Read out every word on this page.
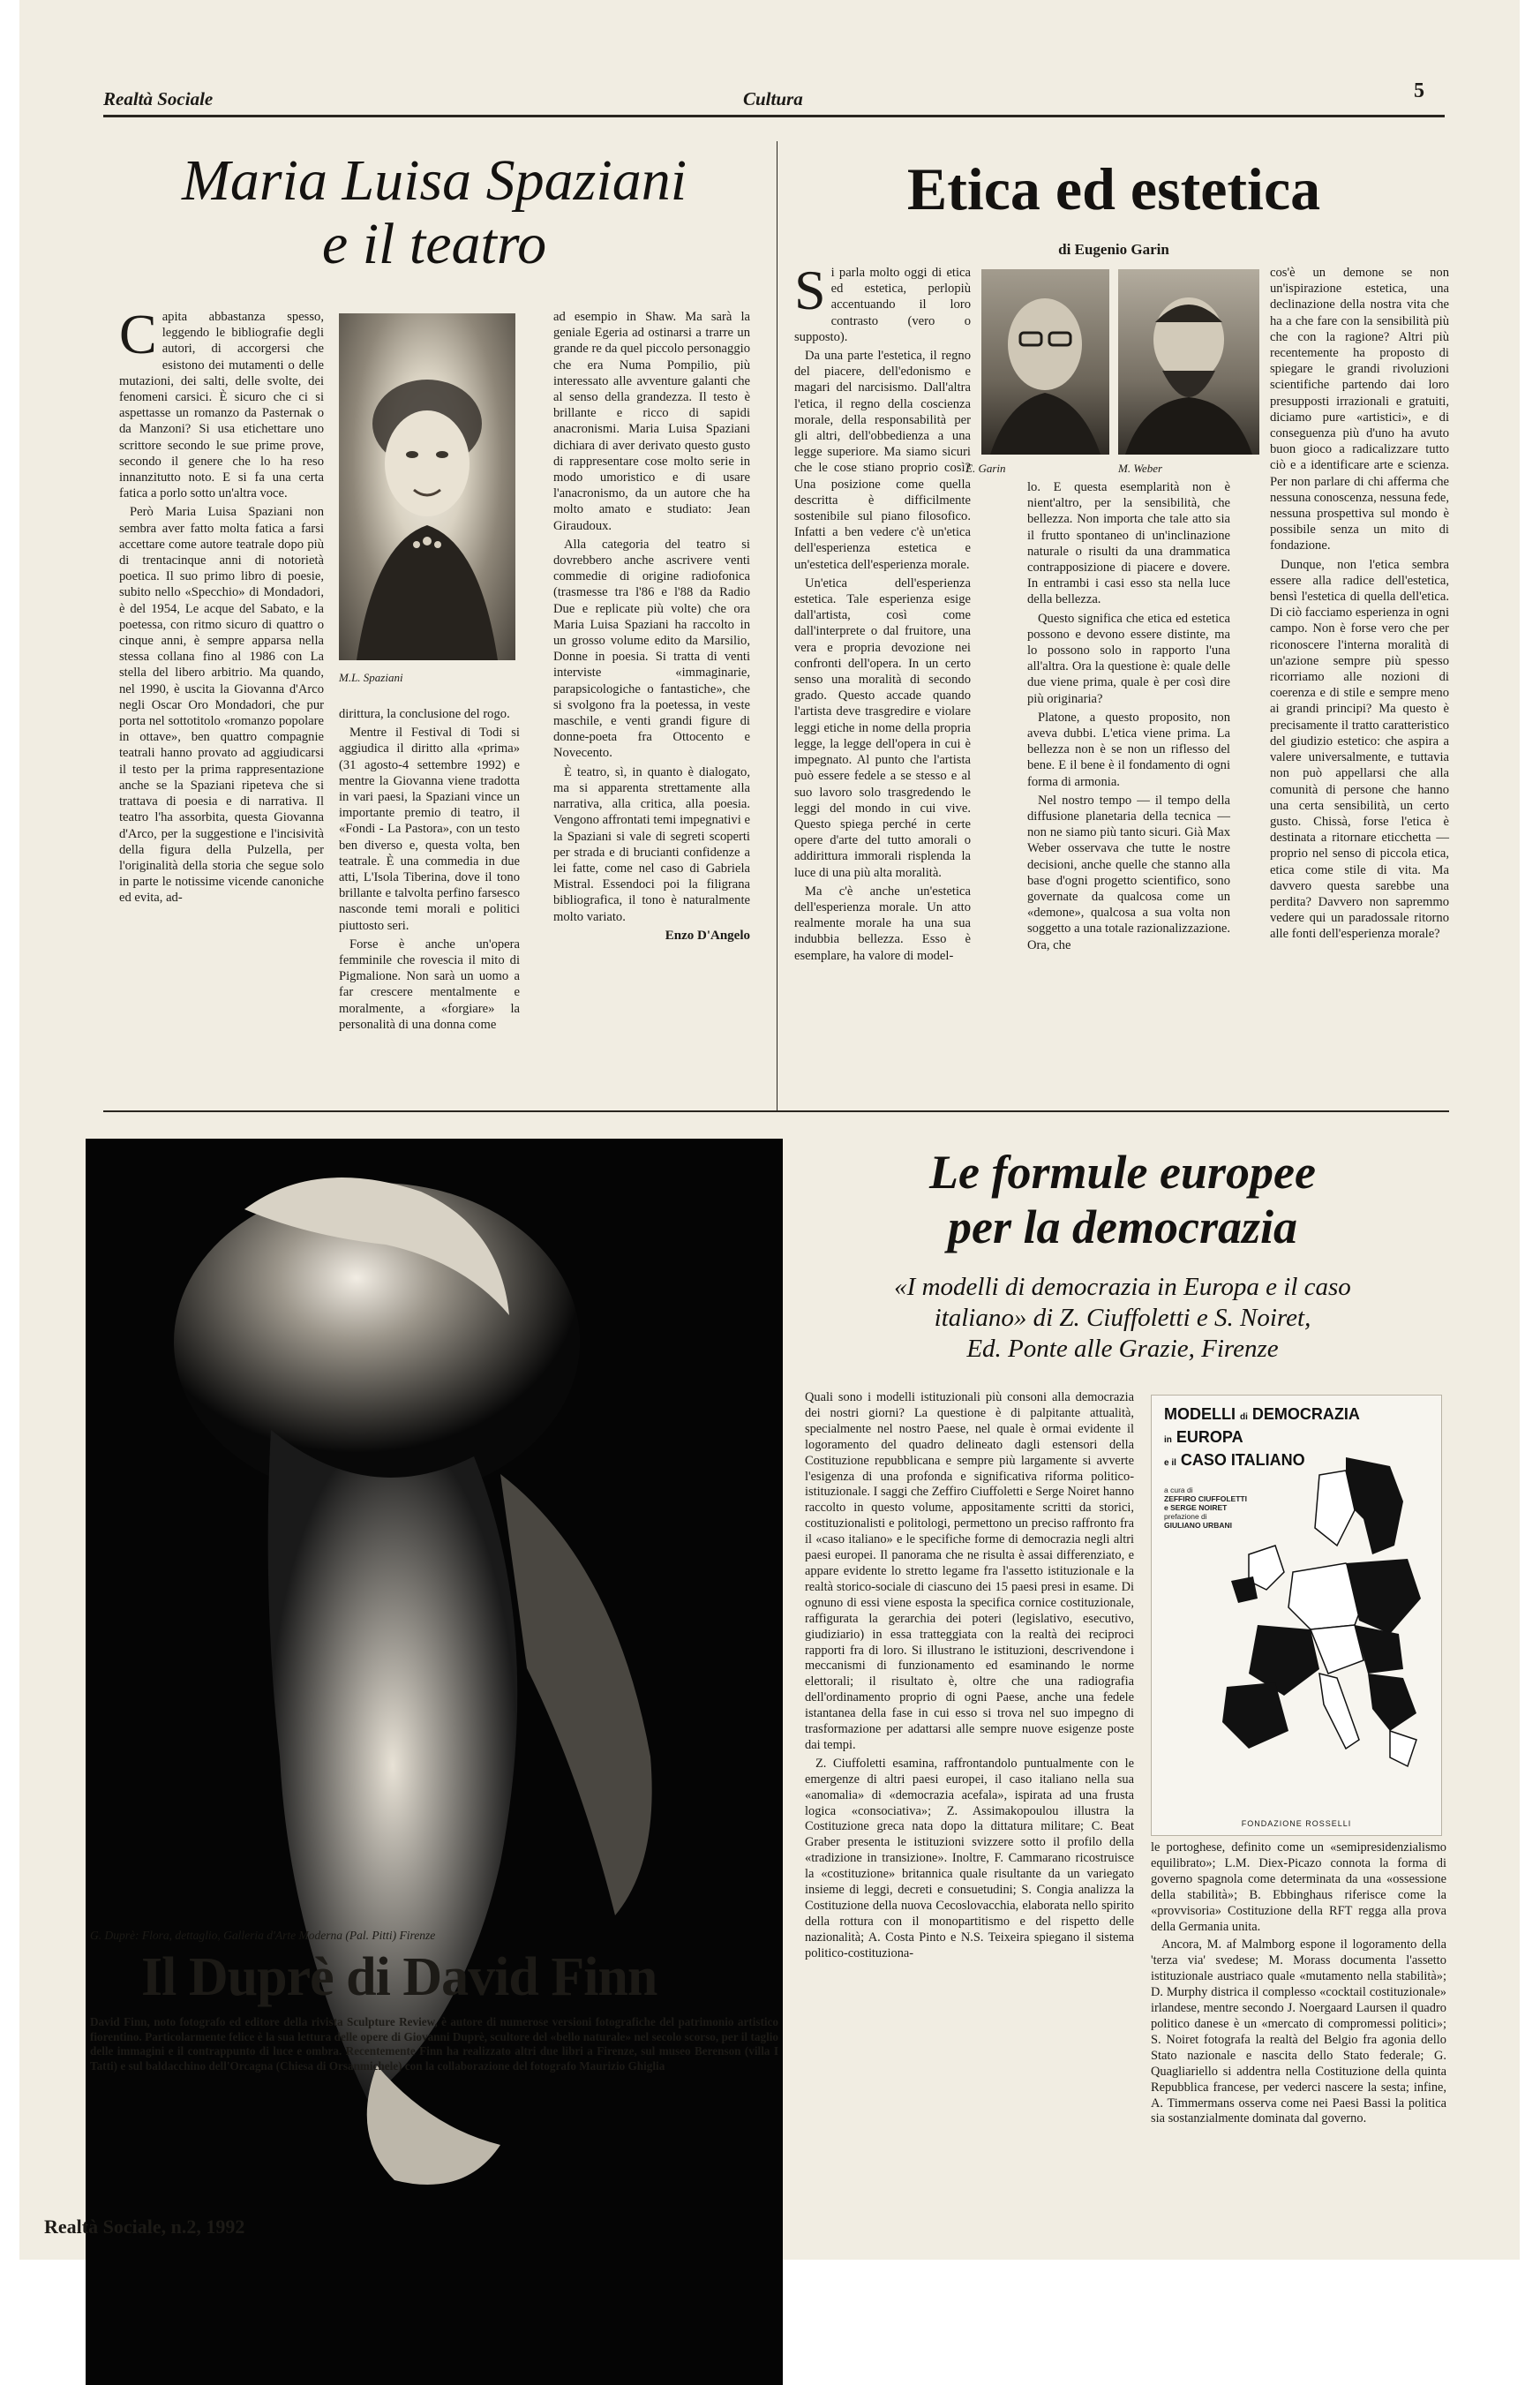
Realtà Sociale	Cultura	5
Maria Luisa Spaziani
e il teatro

Capita abbastanza spesso, leggendo le bibliografie degli autori, di accorgersi che esistono dei mutamenti o delle mutazioni, dei salti, delle svolte, dei fenomeni carsici. È sicuro che ci si aspettasse un romanzo da Pasternak o da Manzoni? Si usa etichettare uno scrittore secondo le sue prime prove, secondo il genere che lo ha reso innanzitutto noto. E si fa una certa fatica a porlo sotto un'altra voce.

Però Maria Luisa Spaziani non sembra aver fatto molta fatica a farsi accettare come autore teatrale dopo più di trentacinque anni di notorietà poetica. Il suo primo libro di poesie, subito nello «Specchio» di Mondadori, è del 1954, Le acque del Sabato, e la poetessa, con ritmo sicuro di quattro o cinque anni, è sempre apparsa nella stessa collana fino al 1986 con La stella del libero arbitrio. Ma quando, nel 1990, è uscita la Giovanna d'Arco negli Oscar Oro Mondadori, che pur porta nel sottotitolo «romanzo popolare in ottave», ben quattro compagnie teatrali hanno provato ad aggiudicarsi il testo per la prima rappresentazione anche se la Spaziani ripeteva che si trattava di poesia e di narrativa. Il teatro l'ha assorbita, questa Giovanna d'Arco, per la suggestione e l'incisività della figura della Pulzella, per l'originalità della storia che segue solo in parte le notissime vicende canoniche ed evita, ad-

M.L. Spaziani

dirittura, la conclusione del rogo.

Mentre il Festival di Todi si aggiudica il diritto alla «prima» (31 agosto-4 settembre 1992) e mentre la Giovanna viene tradotta in vari paesi, la Spaziani vince un importante premio di teatro, il «Fondi - La Pastora», con un testo ben diverso e, questa volta, ben teatrale. È una commedia in due atti, L'Isola Tiberina, dove il tono brillante e talvolta perfino farsesco nasconde temi morali e politici piuttosto seri.

Forse è anche un'opera femminile che rovescia il mito di Pigmalione. Non sarà un uomo a far crescere mentalmente e moralmente, a «forgiare» la personalità di una donna come

ad esempio in Shaw. Ma sarà la geniale Egeria ad ostinarsi a trarre un grande re da quel piccolo personaggio che era Numa Pompilio, più interessato alle avventure galanti che al senso della grandezza. Il testo è brillante e ricco di sapidi anacronismi. Maria Luisa Spaziani dichiara di aver derivato questo gusto di rappresentare cose molto serie in modo umoristico e di usare l'anacronismo, da un autore che ha molto amato e studiato: Jean Giraudoux.

Alla categoria del teatro si dovrebbero anche ascrivere venti commedie di origine radiofonica (trasmesse tra l'86 e l'88 da Radio Due e replicate più volte) che ora Maria Luisa Spaziani ha raccolto in un grosso volume edito da Marsilio, Donne in poesia. Si tratta di venti interviste «immaginarie, parapsicologiche o fantastiche», che si svolgono fra la poetessa, in veste maschile, e venti grandi figure di donne-poeta fra Ottocento e Novecento.

È teatro, sì, in quanto è dialogato, ma si apparenta strettamente alla narrativa, alla critica, alla poesia. Vengono affrontati temi impegnativi e la Spaziani si vale di segreti scoperti per strada e di brucianti confidenze a lei fatte, come nel caso di Gabriela Mistral. Essendoci poi la filigrana bibliografica, il tono è naturalmente molto variato.

Enzo D'Angelo
Etica ed estetica
di Eugenio Garin

Si parla molto oggi di etica ed estetica, perlopiù accentuando il loro contrasto (vero o supposto).

Da una parte l'estetica, il regno del piacere, dell'edonismo e magari del narcisismo. Dall'altra l'etica, il regno della coscienza morale, della responsabilità per gli altri, dell'obbedienza a una legge superiore. Ma siamo sicuri che le cose stiano proprio così? Una posizione come quella descritta è difficilmente sostenibile sul piano filosofico. Infatti a ben vedere c'è un'etica dell'esperienza estetica e un'estetica dell'esperienza morale.

Un'etica dell'esperienza estetica. Tale esperienza esige dall'artista, così come dall'interprete o dal fruitore, una vera e propria devozione nei confronti dell'opera. In un certo senso una moralità di secondo grado. Questo accade quando l'artista deve trasgredire e violare leggi etiche in nome della propria legge, la legge dell'opera in cui è impegnato. Al punto che l'artista può essere fedele a se stesso e al suo lavoro solo trasgredendo le leggi del mondo in cui vive. Questo spiega perché in certe opere d'arte del tutto amorali o addirittura immorali risplenda la luce di una più alta moralità.

Ma c'è anche un'estetica dell'esperienza morale. Un atto realmente morale ha una sua indubbia bellezza. Esso è esemplare, ha valore di model-

E. Garin	M. Weber

lo. E questa esemplarità non è nient'altro, per la sensibilità, che bellezza. Non importa che tale atto sia il frutto spontaneo di un'inclinazione naturale o risulti da una drammatica contrapposizione di piacere e dovere. In entrambi i casi esso sta nella luce della bellezza.

Questo significa che etica ed estetica possono e devono essere distinte, ma lo possono solo in rapporto l'una all'altra. Ora la questione è: quale delle due viene prima, quale è per così dire più originaria?

Platone, a questo proposito, non aveva dubbi. L'etica viene prima. La bellezza non è se non un riflesso del bene. E il bene è il fondamento di ogni forma di armonia.

Nel nostro tempo — il tempo della diffusione planetaria della tecnica — non ne siamo più tanto sicuri. Già Max Weber osservava che tutte le nostre decisioni, anche quelle che stanno alla base d'ogni progetto scientifico, sono governate da qualcosa come un «demone», qualcosa a sua volta non soggetto a una totale razionalizzazione. Ora, che

cos'è un demone se non un'ispirazione estetica, una declinazione della nostra vita che ha a che fare con la sensibilità più che con la ragione? Altri più recentemente ha proposto di spiegare le grandi rivoluzioni scientifiche partendo dai loro presupposti irrazionali e gratuiti, diciamo pure «artistici», e di conseguenza più d'uno ha avuto buon gioco a radicalizzare tutto ciò e a identificare arte e scienza. Per non parlare di chi afferma che nessuna conoscenza, nessuna fede, nessuna prospettiva sul mondo è possibile senza un mito di fondazione.

Dunque, non l'etica sembra essere alla radice dell'estetica, bensì l'estetica di quella dell'etica. Di ciò facciamo esperienza in ogni campo. Non è forse vero che per riconoscere l'interna moralità di un'azione sempre più spesso ricorriamo alle nozioni di coerenza e di stile e sempre meno ai grandi principi? Ma questo è precisamente il tratto caratteristico del giudizio estetico: che aspira a valere universalmente, e tuttavia non può appellarsi che alla comunità di persone che hanno una certa sensibilità, un certo gusto. Chissà, forse l'etica è destinata a ritornare eticchetta — proprio nel senso di piccola etica, etica come stile di vita. Ma davvero questa sarebbe una perdita? Davvero non sapremmo vedere qui un paradossale ritorno alle fonti dell'esperienza morale?

G. Duprè: Flora, dettaglio, Galleria d'Arte Moderna (Pal. Pitti) Firenze
Il Duprè di David Finn
David Finn, noto fotografo ed editore della rivista Sculpture Review, è autore di numerose versioni fotografiche del patrimonio artistico fiorentino. Particolarmente felice è la sua lettura delle opere di Giovanni Duprè, scultore del «bello naturale» nel secolo scorso, per il taglio delle immagini e il contrappunto di luce e ombra. Recentemente Finn ha realizzato altri due libri a Firenze, sul museo Berenson (villa I Tatti) e sul baldacchino dell'Orcagna (Chiesa di Orsanmichele) con la collaborazione del fotografo Maurizio Ghiglia
Le formule europee
per la democrazia
«I modelli di democrazia in Europa e il caso
italiano» di Z. Ciuffoletti e S. Noiret,
Ed. Ponte alle Grazie, Firenze

Quali sono i modelli istituzionali più consoni alla democrazia dei nostri giorni? La questione è di palpitante attualità, specialmente nel nostro Paese, nel quale è ormai evidente il logoramento del quadro delineato dagli estensori della Costituzione repubblicana e sempre più largamente si avverte l'esigenza di una profonda e significativa riforma politico-istituzionale. I saggi che Zeffiro Ciuffoletti e Serge Noiret hanno raccolto in questo volume, appositamente scritti da storici, costituzionalisti e politologi, permettono un preciso raffronto fra il «caso italiano» e le specifiche forme di democrazia negli altri paesi europei. Il panorama che ne risulta è assai differenziato, e appare evidente lo stretto legame fra l'assetto istituzionale e la realtà storico-sociale di ciascuno dei 15 paesi presi in esame. Di ognuno di essi viene esposta la specifica cornice costituzionale, raffigurata la gerarchia dei poteri (legislativo, esecutivo, giudiziario) in essa tratteggiata con la realtà dei reciproci rapporti fra di loro. Si illustrano le istituzioni, descrivendone i meccanismi di funzionamento ed esaminando le norme elettorali; il risultato è, oltre che una radiografia dell'ordinamento proprio di ogni Paese, anche una fedele istantanea della fase in cui esso si trova nel suo impegno di trasformazione per adattarsi alle sempre nuove esigenze poste dai tempi.

Z. Ciuffoletti esamina, raffrontandolo puntualmente con le emergenze di altri paesi europei, il caso italiano nella sua «anomalia» di «democrazia acefala», ispirata ad una frusta logica «consociativa»; Z. Assimakopoulou illustra la Costituzione greca nata dopo la dittatura militare; C. Beat Graber presenta le istituzioni svizzere sotto il profilo della «tradizione in transizione». Inoltre, F. Cammarano ricostruisce la «costituzione» britannica quale risultante da un variegato insieme di leggi, decreti e consuetudini; S. Congia analizza la Costituzione della nuova Cecoslovacchia, elaborata nello spirito della rottura con il monopartitismo e del rispetto delle nazionalità; A. Costa Pinto e N.S. Teixeira spiegano il sistema politico-costituziona-

MODELLI di DEMOCRAZIA
in EUROPA
e il CASO ITALIANO
a cura di
ZEFFIRO CIUFFOLETTI
e SERGE NOIRET
prefazione di
GIULIANO URBANI
FONDAZIONE ROSSELLI

le portoghese, definito come un «semipresidenzialismo equilibrato»; L.M. Diex-Picazo connota la forma di governo spagnola come determinata da una «ossessione della stabilità»; B. Ebbinghaus riferisce come la «provvisoria» Costituzione della RFT regga alla prova della Germania unita.

Ancora, M. af Malmborg espone il logoramento della 'terza via' svedese; M. Morass documenta l'assetto istituzionale austriaco quale «mutamento nella stabilità»; D. Murphy districa il complesso «cocktail costituzionale» irlandese, mentre secondo J. Noergaard Laursen il quadro politico danese è un «mercato di compromessi politici»; S. Noiret fotografa la realtà del Belgio fra agonia dello Stato nazionale e nascita dello Stato federale; G. Quagliariello si addentra nella Costituzione della quinta Repubblica francese, per vederci nascere la sesta; infine, A. Timmermans osserva come nei Paesi Bassi la politica sia sostanzialmente dominata dal governo.

Realtà Sociale, n.2, 1992
